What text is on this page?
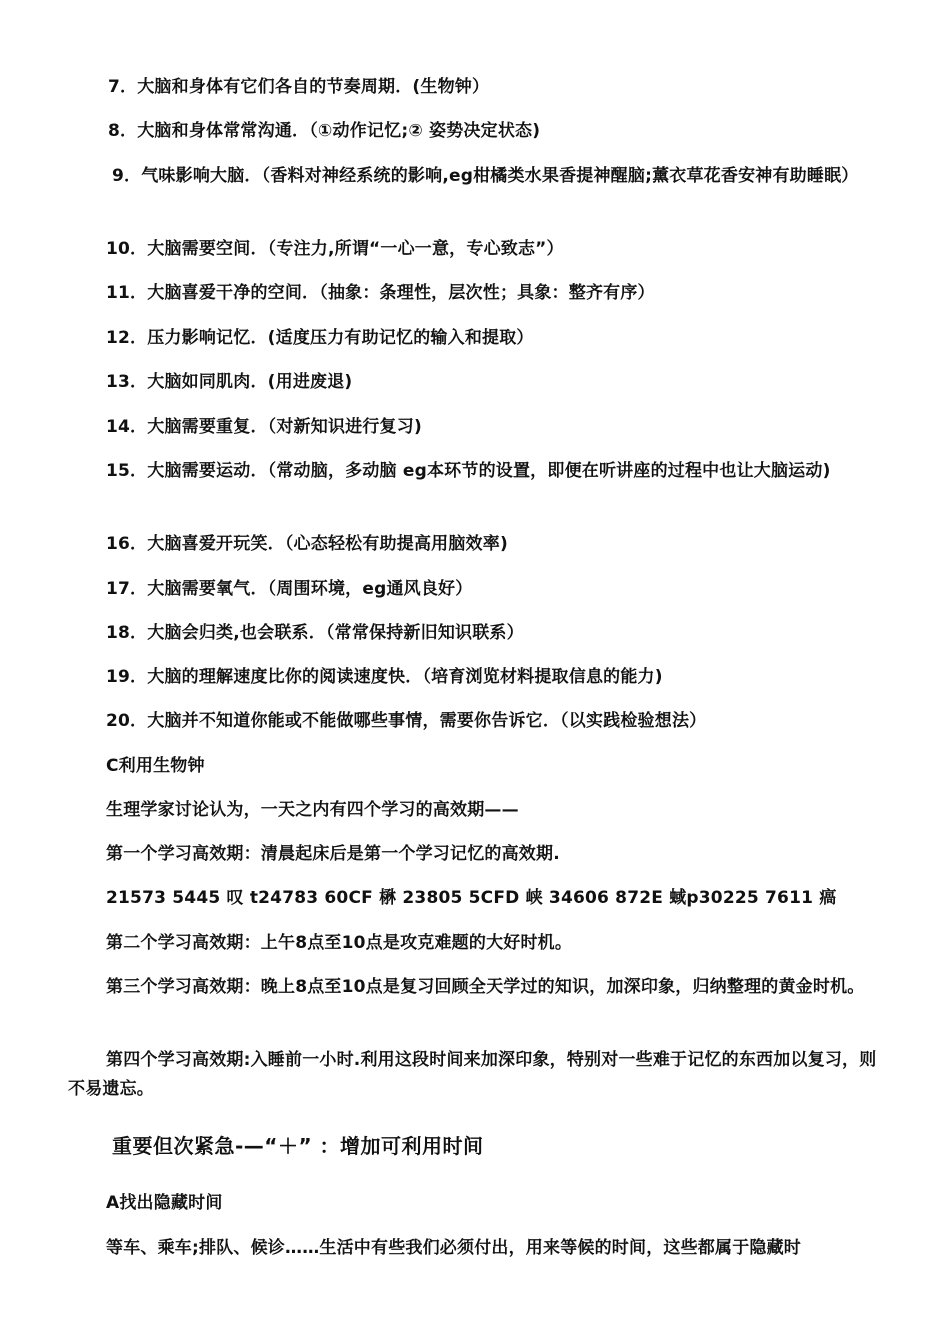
7．大脑和身体有它们各自的节奏周期．(生物钟）
8．大脑和身体常常沟通．（①动作记忆;② 姿势决定状态)
9．气味影响大脑．（香料对神经系统的影响,eg柑橘类水果香提神醒脑;薰衣草花香安神有助睡眠）
10．大脑需要空间．（专注力,所谓“一心一意，专心致志”）
11．大脑喜爱干净的空间．（抽象：条理性，层次性；具象：整齐有序）
12．压力影响记忆．(适度压力有助记忆的输入和提取）
13．大脑如同肌肉．(用进废退)
14．大脑需要重复．（对新知识进行复习)
15．大脑需要运动．（常动脑，多动脑 eg本环节的设置，即便在听讲座的过程中也让大脑运动)
16．大脑喜爱开玩笑．（心态轻松有助提高用脑效率)
17．大脑需要氧气．（周围环境，eg通风良好）
18．大脑会归类,也会联系．（常常保持新旧知识联系）
19．大脑的理解速度比你的阅读速度快．（培育浏览材料提取信息的能力)
20．大脑并不知道你能或不能做哪些事情，需要你告诉它．（以实践检验想法）
C利用生物钟
生理学家讨论认为，一天之内有四个学习的高效期——
第一个学习高效期：清晨起床后是第一个学习记忆的高效期.
21573 5445 叹 t24783 60CF 楙 23805 5CFD 峡 34606 872E 蜮p30225 7611 瘑
第二个学习高效期：上午8点至10点是攻克难题的大好时机。
第三个学习高效期：晚上8点至10点是复习回顾全天学过的知识，加深印象，归纳整理的黄金时机。
第四个学习高效期:入睡前一小时.利用这段时间来加深印象，特别对一些难于记忆的东西加以复习，则不易遗忘。
重要但次紧急-—“＋” ：增加可利用时间
A找出隐藏时间
等车、乘车;排队、候诊……生活中有些我们必须付出，用来等候的时间，这些都属于隐藏时
